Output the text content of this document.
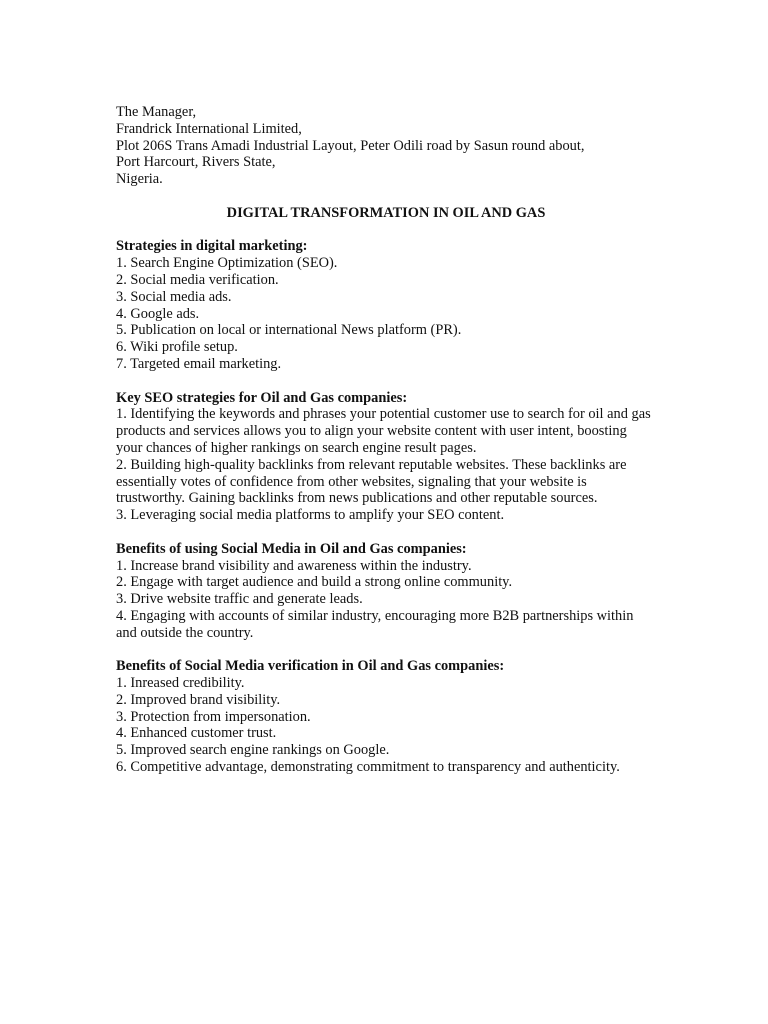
The Manager,
Frandrick International Limited,
Plot 206S Trans Amadi Industrial Layout, Peter Odili road by Sasun round about,
Port Harcourt, Rivers State,
Nigeria.
DIGITAL TRANSFORMATION IN OIL AND GAS
Strategies in digital marketing:
1. Search Engine Optimization (SEO).
2. Social media verification.
3. Social media ads.
4. Google ads.
5. Publication on local or international News platform (PR).
6. Wiki profile setup.
7. Targeted email marketing.
Key SEO strategies for Oil and Gas companies:
1. Identifying the keywords and phrases your potential customer use to search for oil and gas products and services allows you to align your website content with user intent, boosting your chances of higher rankings on search engine result pages.
2. Building high-quality backlinks from relevant reputable websites. These backlinks are essentially votes of confidence from other websites, signaling that your website is trustworthy. Gaining backlinks from news publications and other reputable sources.
3. Leveraging social media platforms to amplify your SEO content.
Benefits of using Social Media in Oil and Gas companies:
1. Increase brand visibility and awareness within the industry.
2. Engage with target audience and build a strong online community.
3. Drive website traffic and generate leads.
4. Engaging with accounts of similar industry, encouraging more B2B partnerships within and outside the country.
Benefits of Social Media verification in Oil and Gas companies:
1. Inreased credibility.
2. Improved brand visibility.
3. Protection from impersonation.
4. Enhanced customer trust.
5. Improved search engine rankings on Google.
6. Competitive advantage, demonstrating commitment to transparency and authenticity.
